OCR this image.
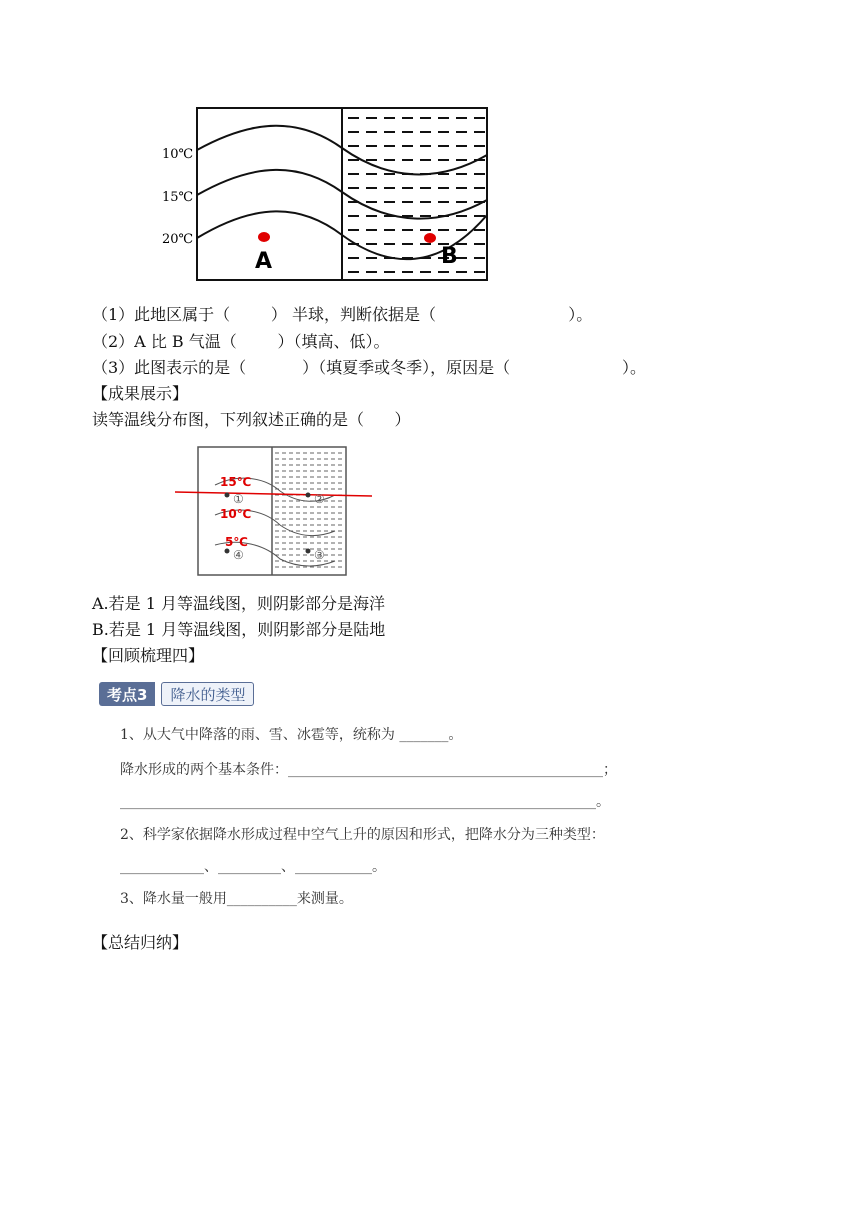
10℃
15℃
20℃
A	B
（1）此地区属于（        ） 半球，判断依据是（                          ）。
（2）A 比 B 气温（        ）（填高、低）。
（3）此图表示的是（           ）（填夏季或冬季），原因是（                      ）。
【成果展示】
读等温线分布图，下列叙述正确的是（      ）
15℃
10℃
5℃
①	②
④	③
A.若是 1 月等温线图，则阴影部分是海洋
B.若是 1 月等温线图，则阴影部分是陆地
【回顾梳理四】
考点3	降水的类型
1、从大气中降落的雨、雪、冰雹等，统称为 _______。
降水形成的两个基本条件：_____________________________________________；
____________________________________________________________________。
2、科学家依据降水形成过程中空气上升的原因和形式，把降水分为三种类型：
____________、_________、___________。
3、降水量一般用__________来测量。
【总结归纳】
